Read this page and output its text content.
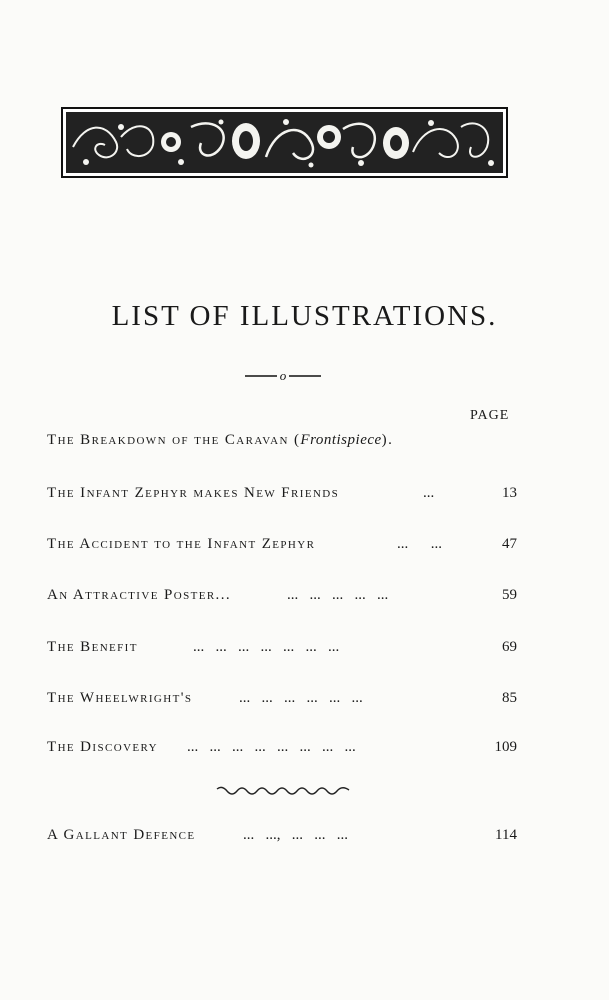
LIST OF ILLUSTRATIONS.
o
PAGE
The Breakdown of the Caravan (Frontispiece).
The Infant Zephyr makes New Friends	...	13
The Accident to the Infant Zephyr	...      ...	47
An Attractive Poster...	...   ...   ...   ...   ...	59
The Benefit	...   ...   ...   ...   ...   ...   ...	69
The Wheelwright's	...   ...   ...   ...   ...   ...	85
The Discovery ...   ...   ...   ...   ...   ...   ...   ...	109
A Gallant Defence	...   ...,   ...   ...   ...	114
